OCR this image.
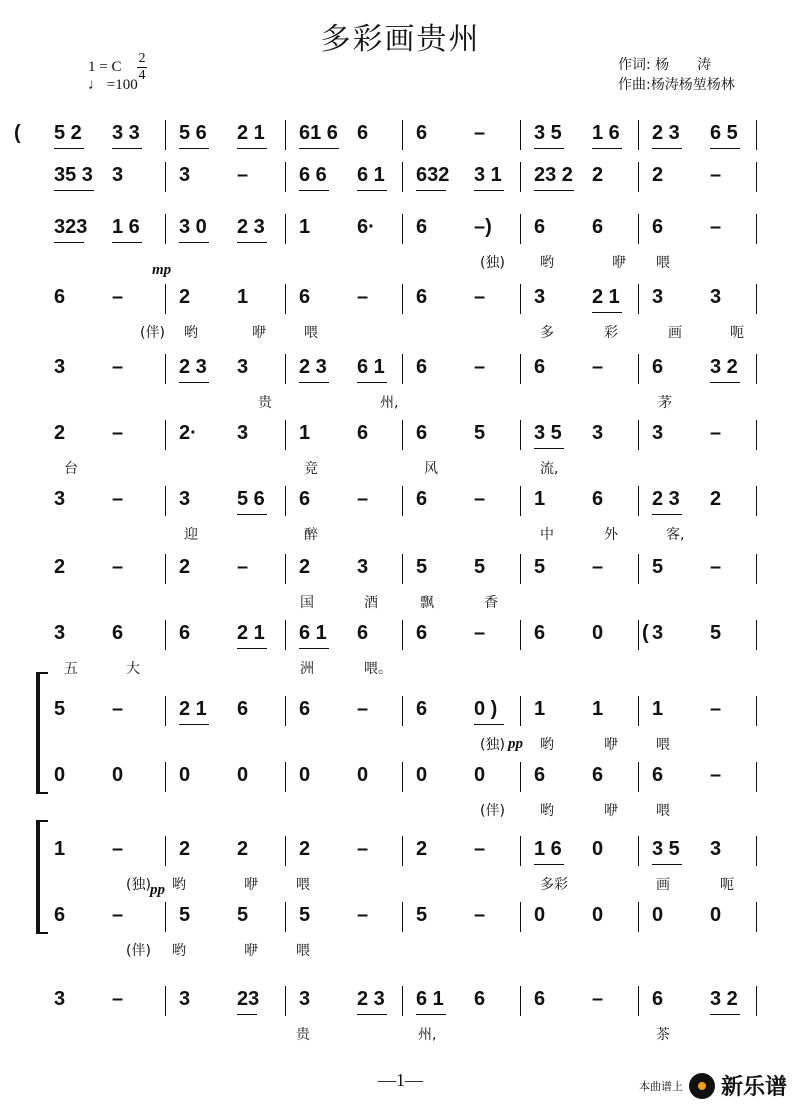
多彩画贵州
1 = C
♩ =100
2
4
作词: 杨　　涛
作曲:杨涛杨堃杨林
( 5 2 3 3 5 6 2 1 61 6 6 6 – 3 5 1 6 2 3 6 5
35 3 3	3 –	6 6 6 1 632 3 1 23 2 2 2 –
323 1 6 3 0 2 3 1 6· 6 –) 6 6 6 –
(独)	哟	咿 喂
6 –	2 1	6 – 6 – 3 2 1 3 3
(伴) 哟	咿	喂	多	彩	画	呃
3 –	2 3 3	2 3 6 1 6 – 6 – 6 3 2
贵	州,	茅
2 –	2· 3	1 6 6 5 3 5 3 3 –
台	竞	风	流,
3 –	3 5 6 6 – 6 – 1 6 2 3 2
迎	醉	中	外	客,
2 –	2 –	2 3 5 5 5 – 5 –
国	酒	飘	香
3 6	6 2 1 6 1 6 6 – 6 0 ( 3 5
五	大	洲	喂。
5 –	2 1 6	6 – 6 0 ) 1 1 1 –
(独)	哟	咿	喂
0 0	0 0	0 0 0 0 6 6 6 –
(伴)	哟	咿	喂
1 –	2 2	2 – 2 – 1 6 0 3 5 3
(独) 哟	咿	喂	多彩	画	呃
6 –	5 5	5 – 5 – 0 0 0 0
(伴) 哟	咿	喂
3 –	3 23 3 2 3 6 1 6 6 – 6 3 2
贵	州,	茶
mp
pp
pp
—1—	本曲谱上 新乐谱
